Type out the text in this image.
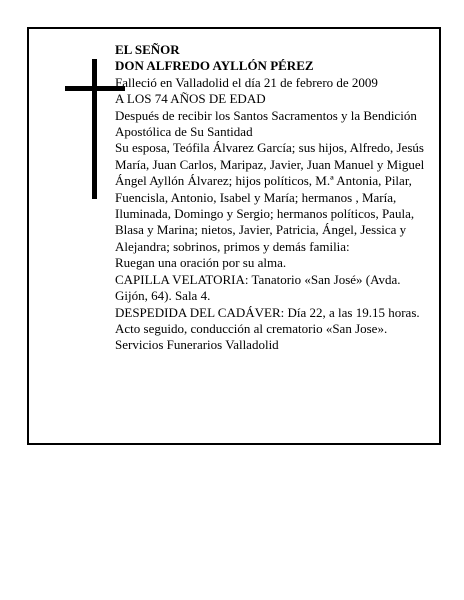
EL SEÑOR

DON ALFREDO AYLLÓN PÉREZ

Falleció en Valladolid el día 21 de febrero de 2009

A LOS 74 AÑOS DE EDAD

Después de recibir los Santos Sacramentos y la Bendición Apostólica de Su Santidad

Su esposa, Teófila Álvarez García; sus hijos, Alfredo, Jesús María, Juan Carlos, Maripaz, Javier, Juan Manuel y Miguel Ángel Ayllón Álvarez; hijos políticos, M.ª Antonia, Pilar, Fuencisla, Antonio, Isabel y María; hermanos , María, Iluminada, Domingo y Sergio; hermanos políticos, Paula, Blasa y Marina; nietos, Javier, Patricia, Ángel, Jessica y Alejandra; sobrinos, primos y demás familia:

Ruegan una oración por su alma.

CAPILLA VELATORIA: Tanatorio «San José» (Avda. Gijón, 64). Sala 4.

DESPEDIDA DEL CADÁVER: Día 22, a las 19.15 horas. Acto seguido, conducción al crematorio «San Jose».

Servicios Funerarios Valladolid
